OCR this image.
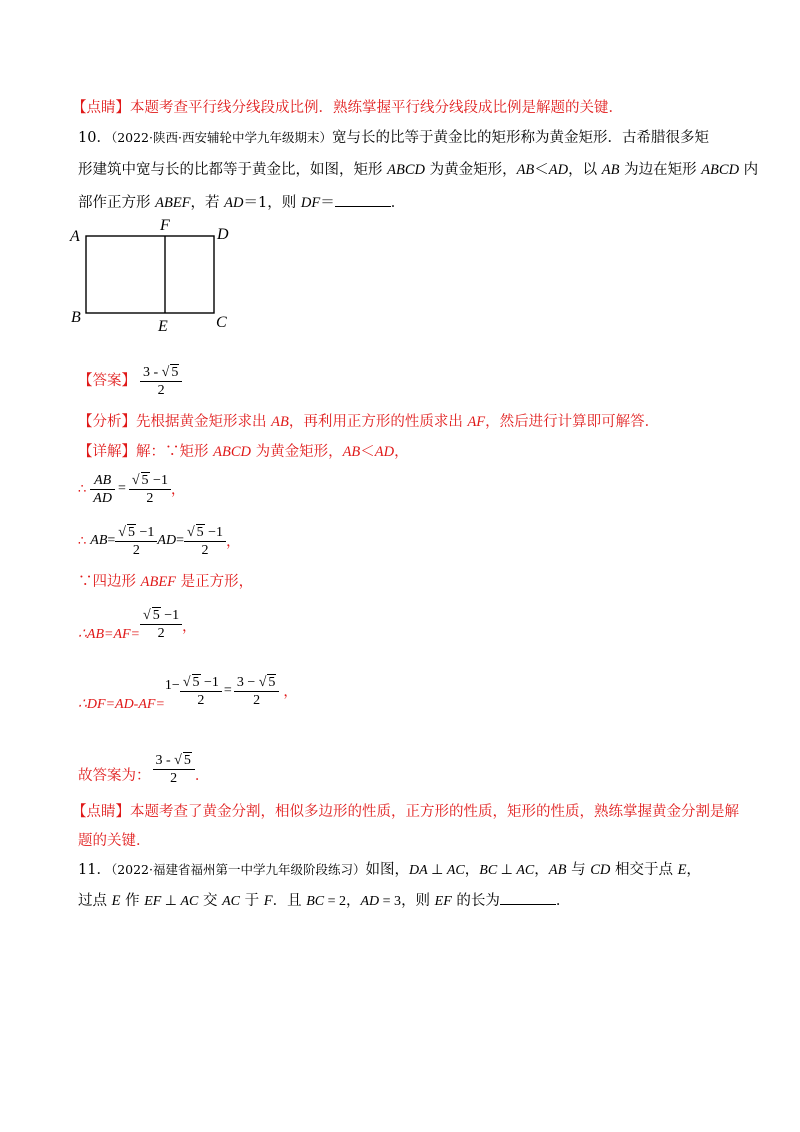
【点睛】本题考查平行线分线段成比例．熟练掌握平行线分线段成比例是解题的关键．
10．（2022·陕西·西安辅轮中学九年级期末）宽与长的比等于黄金比的矩形称为黄金矩形．古希腊很多矩
形建筑中宽与长的比都等于黄金比，如图，矩形 ABCD 为黄金矩形，AB＜AD，以 AB 为边在矩形 ABCD 内
部作正方形 ABEF，若 AD＝1，则 DF＝	．
A
F
D
B
E	C
【答案】 $\frac{3 - √ 5}{2}$
【分析】先根据黄金矩形求出 AB，再利用正方形的性质求出 AF，然后进行计算即可解答．
【详解】解：∵矩形 ABCD 为黄金矩形，AB＜AD，
∴ $\frac{AB}{AD} = \frac{√ 5 -1}{2}$ ，
∴ AB = $\frac{√ 5 -1}{2}$ AD = $\frac{√ 5 -1}{2}$ ，
∵四边形 ABEF 是正方形，
∴AB=AF= $\frac{√ 5 -1}{2}$ ，
∴DF=AD-AF=
$1- \frac{√ 5 -1}{2} = \frac{3 - √ 5}{2}$ ，
故答案为： $\frac{3 - √ 5}{2}$ ．
【点睛】本题考查了黄金分割，相似多边形的性质，正方形的性质，矩形的性质，熟练掌握黄金分割是解
题的关键．
11．（2022·福建省福州第一中学九年级阶段练习）如图，DA ⊥ AC，BC ⊥ AC，AB 与 CD 相交于点 E，
过点 E 作 EF ⊥ AC 交 AC 于 F．且 BC = 2，AD = 3，则 EF 的长为	．
